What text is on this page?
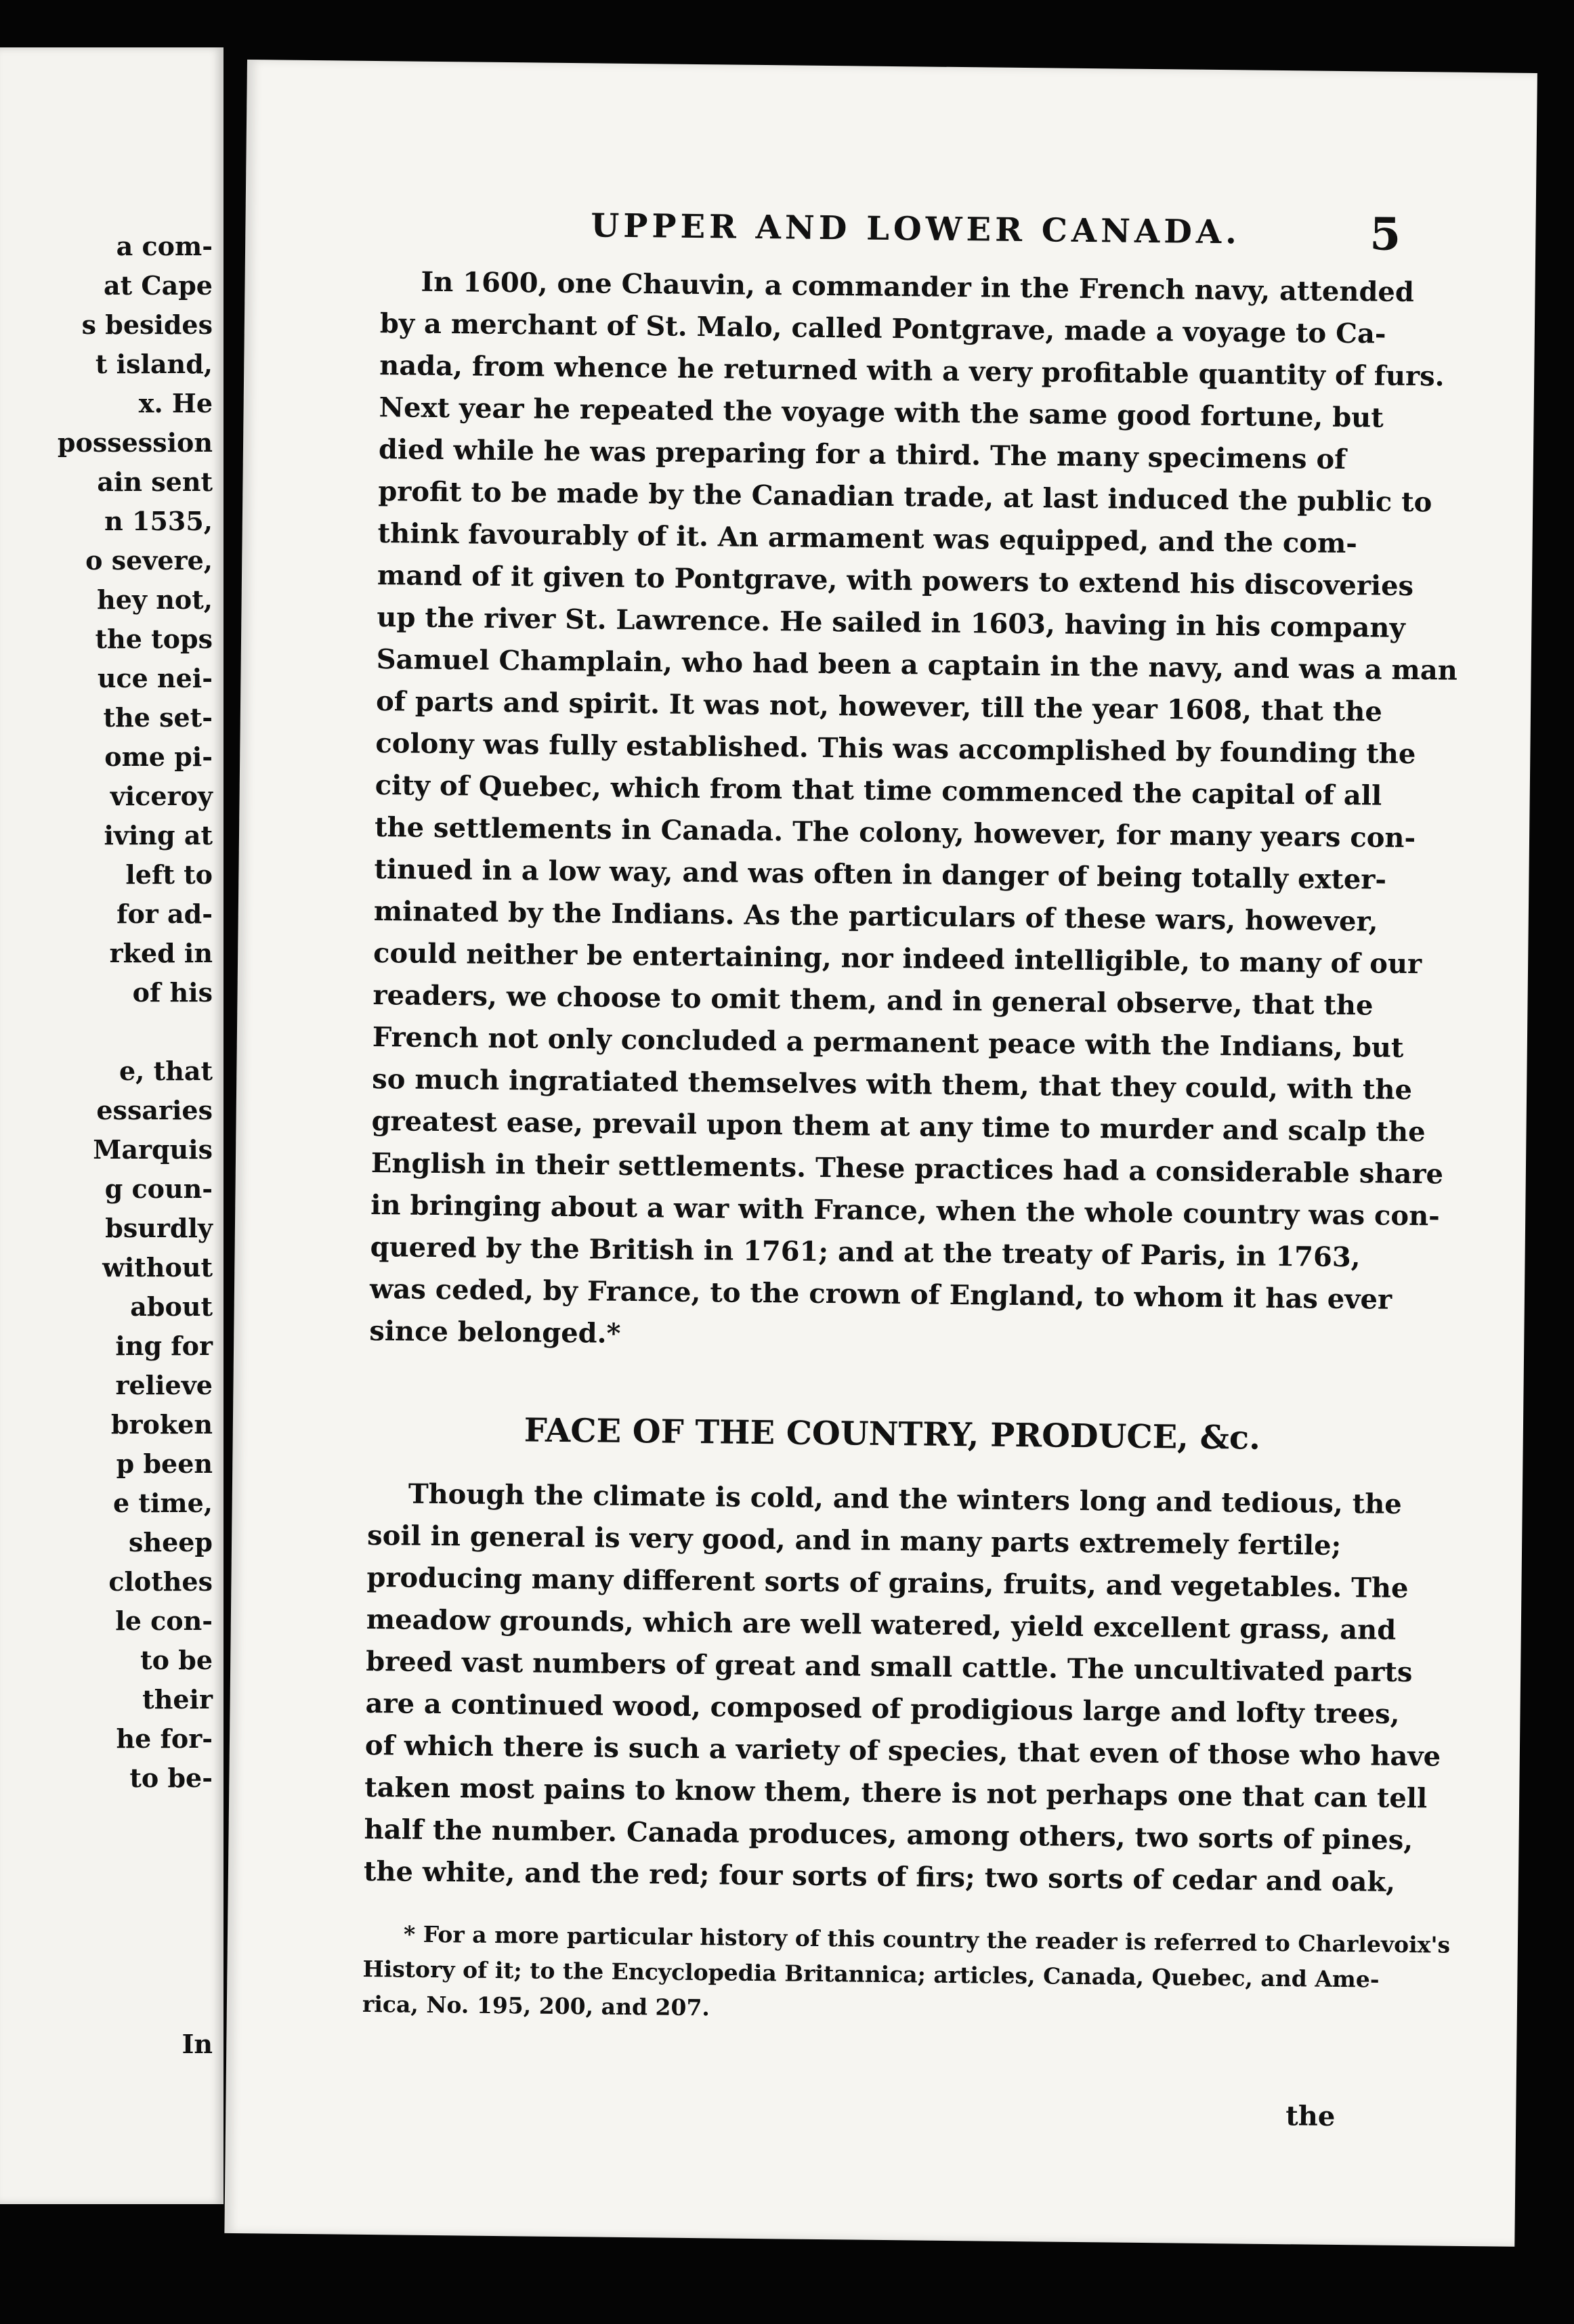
a com-
at Cape
s besides
t island,
x. He
possession
ain sent
n 1535,
o severe,
hey not,
the tops
uce nei-
the set-
ome pi-
viceroy
iving at
left to
for ad-
rked in
of his
e, that
essaries
Marquis
g coun-
bsurdly
without
about
ing for
relieve
broken
p been
e time,
sheep
clothes
le con-
to be
their
he for-
to be-
In
UPPER AND LOWER CANADA.	5
In 1600, one Chauvin, a commander in the French navy, attended
by a merchant of St. Malo, called Pontgrave, made a voyage to Ca-
nada, from whence he returned with a very profitable quantity of furs.
Next year he repeated the voyage with the same good fortune, but
died while he was preparing for a third. The many specimens of
profit to be made by the Canadian trade, at last induced the public to
think favourably of it. An armament was equipped, and the com-
mand of it given to Pontgrave, with powers to extend his discoveries
up the river St. Lawrence. He sailed in 1603, having in his company
Samuel Champlain, who had been a captain in the navy, and was a man
of parts and spirit. It was not, however, till the year 1608, that the
colony was fully established. This was accomplished by founding the
city of Quebec, which from that time commenced the capital of all
the settlements in Canada. The colony, however, for many years con-
tinued in a low way, and was often in danger of being totally exter-
minated by the Indians. As the particulars of these wars, however,
could neither be entertaining, nor indeed intelligible, to many of our
readers, we choose to omit them, and in general observe, that the
French not only concluded a permanent peace with the Indians, but
so much ingratiated themselves with them, that they could, with the
greatest ease, prevail upon them at any time to murder and scalp the
English in their settlements. These practices had a considerable share
in bringing about a war with France, when the whole country was con-
quered by the British in 1761; and at the treaty of Paris, in 1763,
was ceded, by France, to the crown of England, to whom it has ever
since belonged.*
FACE OF THE COUNTRY, PRODUCE, &c.
Though the climate is cold, and the winters long and tedious, the
soil in general is very good, and in many parts extremely fertile;
producing many different sorts of grains, fruits, and vegetables. The
meadow grounds, which are well watered, yield excellent grass, and
breed vast numbers of great and small cattle. The uncultivated parts
are a continued wood, composed of prodigious large and lofty trees,
of which there is such a variety of species, that even of those who have
taken most pains to know them, there is not perhaps one that can tell
half the number. Canada produces, among others, two sorts of pines,
the white, and the red; four sorts of firs; two sorts of cedar and oak,
* For a more particular history of this country the reader is referred to Charlevoix's
History of it; to the Encyclopedia Britannica; articles, Canada, Quebec, and Ame-
rica, No. 195, 200, and 207.
the
